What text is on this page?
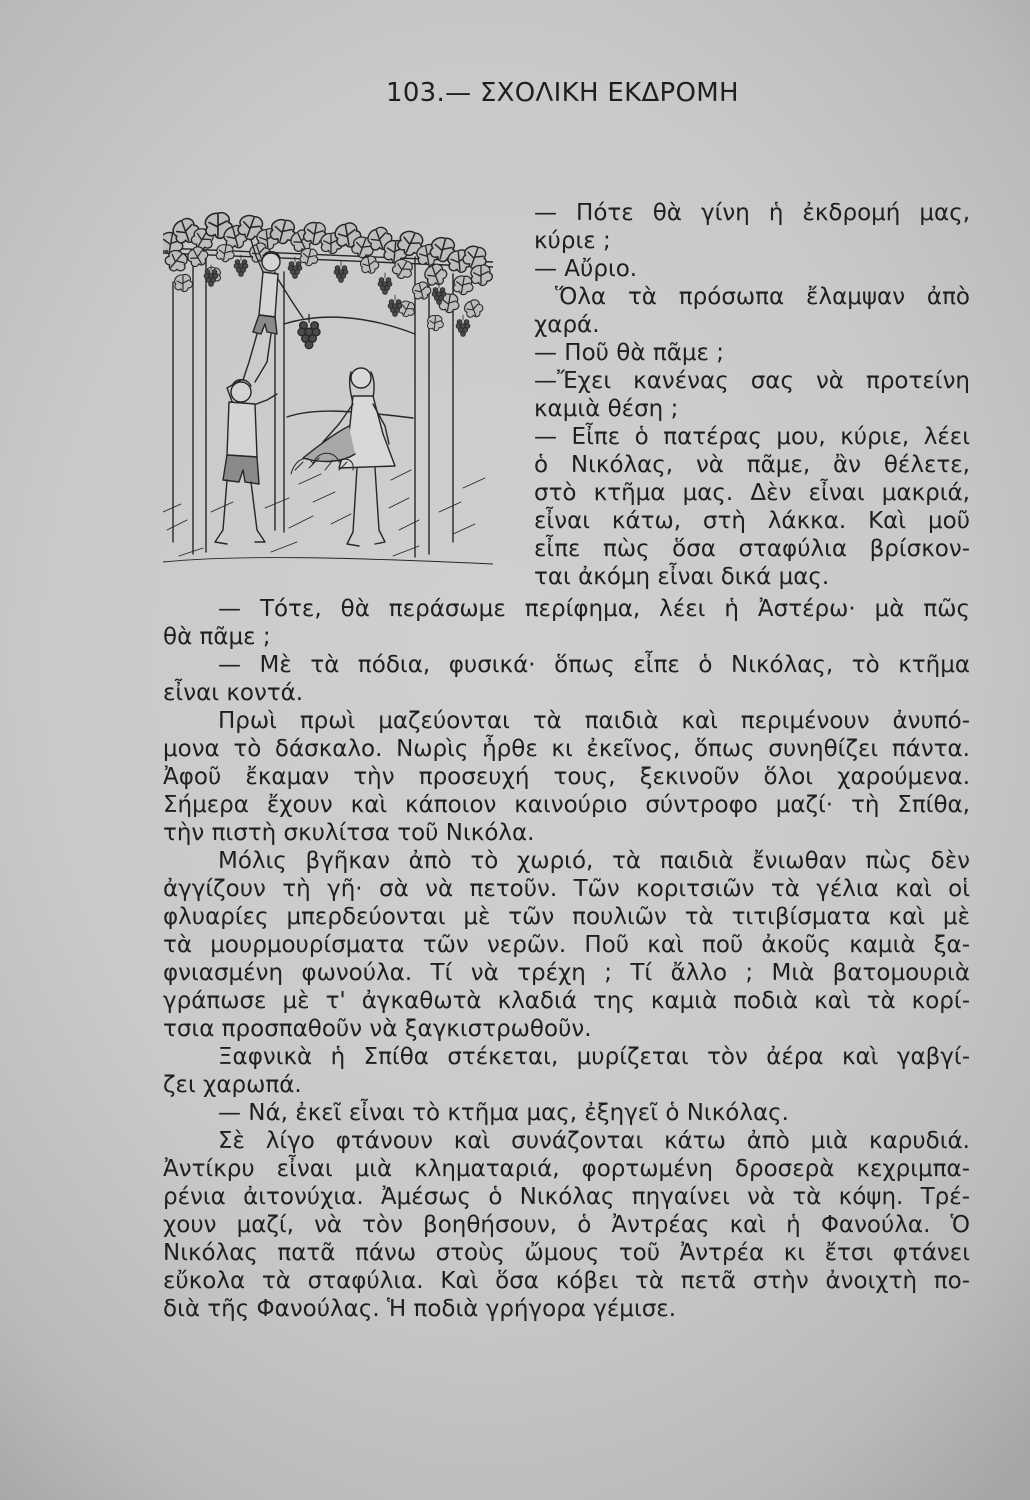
103.— ΣΧΟΛΙΚΗ ΕΚΔΡΟΜΗ
— Πότε θὰ γίνη ἡ ἐκδρομή μας,
κύριε ;
— Αὔριο.
Ὅλα τὰ πρόσωπα ἔλαμψαν ἀπὸ
χαρά.
— Ποῦ θὰ πᾶμε ;
—Ἔχει κανένας σας νὰ προτείνη
καμιὰ θέση ;
— Εἶπε ὁ πατέρας μου, κύριε, λέει
ὁ Νικόλας, νὰ πᾶμε, ἂν θέλετε,
στὸ κτῆμα μας. Δὲν εἶναι μακριά,
εἶναι κάτω, στὴ λάκκα. Καὶ μοῦ
εἶπε πὼς ὅσα σταφύλια βρίσκον-
ται ἀκόμη εἶναι δικά μας.
— Τότε, θὰ περάσωμε περίφημα, λέει ἡ Ἀστέρω· μὰ πῶς
θὰ πᾶμε ;
— Μὲ τὰ πόδια, φυσικά· ὅπως εἶπε ὁ Νικόλας, τὸ κτῆμα
εἶναι κοντά.
Πρωὶ πρωὶ μαζεύονται τὰ παιδιὰ καὶ περιμένουν ἀνυπό-
μονα τὸ δάσκαλο. Νωρὶς ἦρθε κι ἐκεῖνος, ὅπως συνηθίζει πάντα.
Ἀφοῦ ἔκαμαν τὴν προσευχή τους, ξεκινοῦν ὅλοι χαρούμενα.
Σήμερα ἔχουν καὶ κάποιον καινούριο σύντροφο μαζί· τὴ Σπίθα,
τὴν πιστὴ σκυλίτσα τοῦ Νικόλα.
Μόλις βγῆκαν ἀπὸ τὸ χωριό, τὰ παιδιὰ ἔνιωθαν πὼς δὲν
ἀγγίζουν τὴ γῆ· σὰ νὰ πετοῦν. Τῶν κοριτσιῶν τὰ γέλια καὶ οἱ
φλυαρίες μπερδεύονται μὲ τῶν πουλιῶν τὰ τιτιβίσματα καὶ μὲ
τὰ μουρμουρίσματα τῶν νερῶν. Ποῦ καὶ ποῦ ἀκοῦς καμιὰ ξα-
φνιασμένη φωνούλα. Τί νὰ τρέχη ; Τί ἄλλο ; Μιὰ βατομουριὰ
γράπωσε μὲ τ' ἀγκαθωτὰ κλαδιά της καμιὰ ποδιὰ καὶ τὰ κορί-
τσια προσπαθοῦν νὰ ξαγκιστρωθοῦν.
Ξαφνικὰ ἡ Σπίθα στέκεται, μυρίζεται τὸν ἀέρα καὶ γαβγί-
ζει χαρωπά.
— Νά, ἐκεῖ εἶναι τὸ κτῆμα μας, ἐξηγεῖ ὁ Νικόλας.
Σὲ λίγο φτάνουν καὶ συνάζονται κάτω ἀπὸ μιὰ καρυδιά.
Ἀντίκρυ εἶναι μιὰ κληματαριά, φορτωμένη δροσερὰ κεχριμπα-
ρένια ἀιτονύχια. Ἀμέσως ὁ Νικόλας πηγαίνει νὰ τὰ κόψη. Τρέ-
χουν μαζί, νὰ τὸν βοηθήσουν, ὁ Ἀντρέας καὶ ἡ Φανούλα. Ὁ
Νικόλας πατᾶ πάνω στοὺς ὤμους τοῦ Ἀντρέα κι ἔτσι φτάνει
εὔκολα τὰ σταφύλια. Καὶ ὅσα κόβει τὰ πετᾶ στὴν ἀνοιχτὴ πο-
διὰ τῆς Φανούλας. Ἡ ποδιὰ γρήγορα γέμισε.
